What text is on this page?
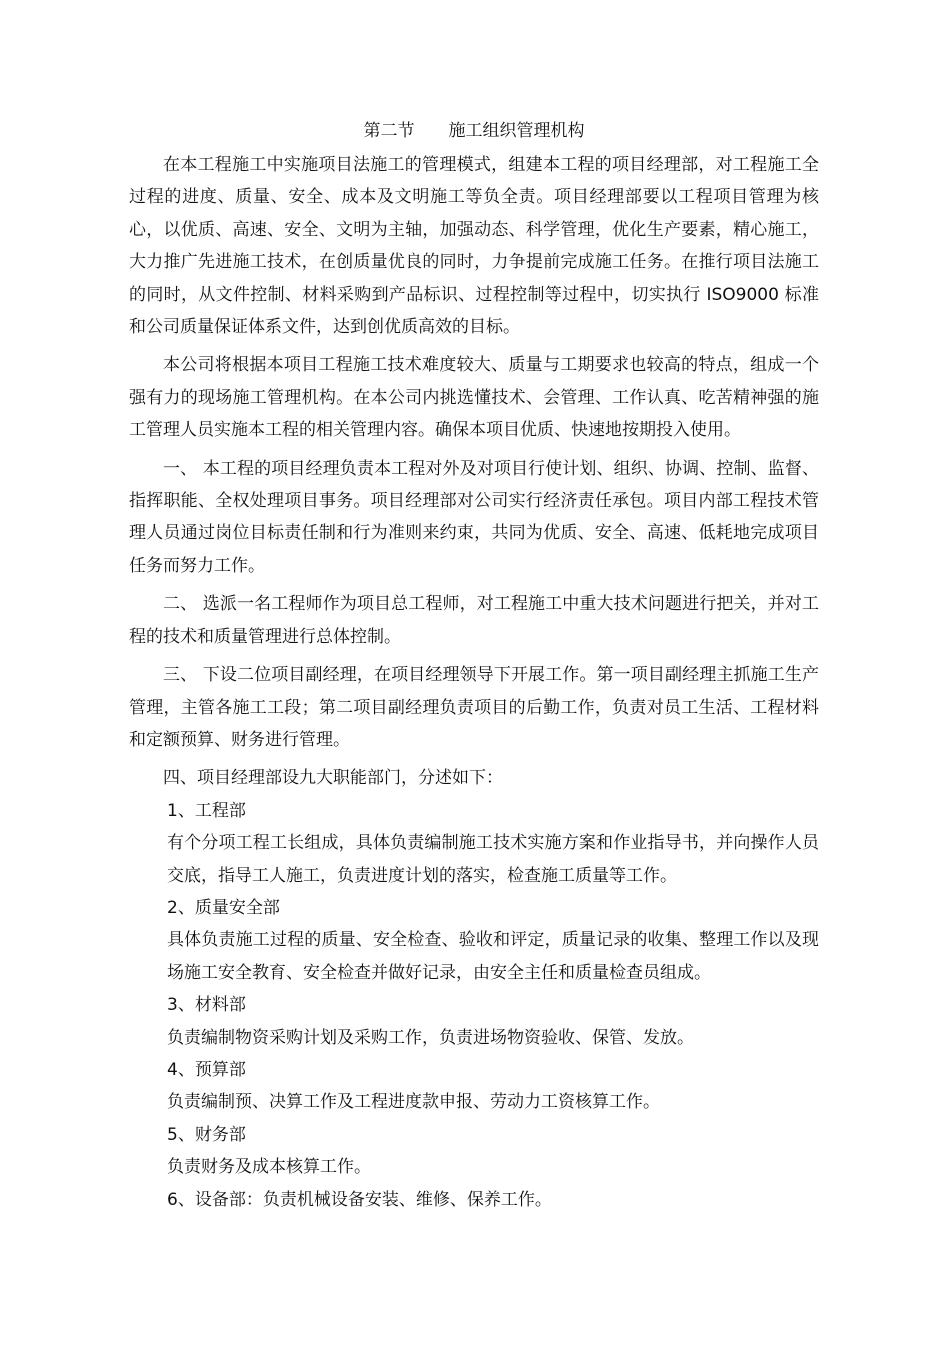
第二节　　施工组织管理机构

在本工程施工中实施项目法施工的管理模式，组建本工程的项目经理部，对工程施工全过程的进度、质量、安全、成本及文明施工等负全责。项目经理部要以工程项目管理为核心，以优质、高速、安全、文明为主轴，加强动态、科学管理，优化生产要素，精心施工，大力推广先进施工技术，在创质量优良的同时，力争提前完成施工任务。在推行项目法施工的同时，从文件控制、材料采购到产品标识、过程控制等过程中，切实执行 ISO9000 标准和公司质量保证体系文件，达到创优质高效的目标。

本公司将根据本项目工程施工技术难度较大、质量与工期要求也较高的特点，组成一个强有力的现场施工管理机构。在本公司内挑选懂技术、会管理、工作认真、吃苦精神强的施工管理人员实施本工程的相关管理内容。确保本项目优质、快速地按期投入使用。

一、 本工程的项目经理负责本工程对外及对项目行使计划、组织、协调、控制、监督、指挥职能、全权处理项目事务。项目经理部对公司实行经济责任承包。项目内部工程技术管理人员通过岗位目标责任制和行为准则来约束，共同为优质、安全、高速、低耗地完成项目任务而努力工作。

二、 选派一名工程师作为项目总工程师，对工程施工中重大技术问题进行把关，并对工程的技术和质量管理进行总体控制。

三、 下设二位项目副经理，在项目经理领导下开展工作。第一项目副经理主抓施工生产管理，主管各施工工段；第二项目副经理负责项目的后勤工作，负责对员工生活、工程材料和定额预算、财务进行管理。

四、项目经理部设九大职能部门，分述如下：

1、工程部

有个分项工程工长组成，具体负责编制施工技术实施方案和作业指导书，并向操作人员交底，指导工人施工，负责进度计划的落实，检查施工质量等工作。

2、质量安全部

具体负责施工过程的质量、安全检查、验收和评定，质量记录的收集、整理工作以及现场施工安全教育、安全检查并做好记录，由安全主任和质量检查员组成。

3、材料部

负责编制物资采购计划及采购工作，负责进场物资验收、保管、发放。

4、预算部

负责编制预、决算工作及工程进度款申报、劳动力工资核算工作。

5、财务部

负责财务及成本核算工作。

6、设备部：负责机械设备安装、维修、保养工作。
